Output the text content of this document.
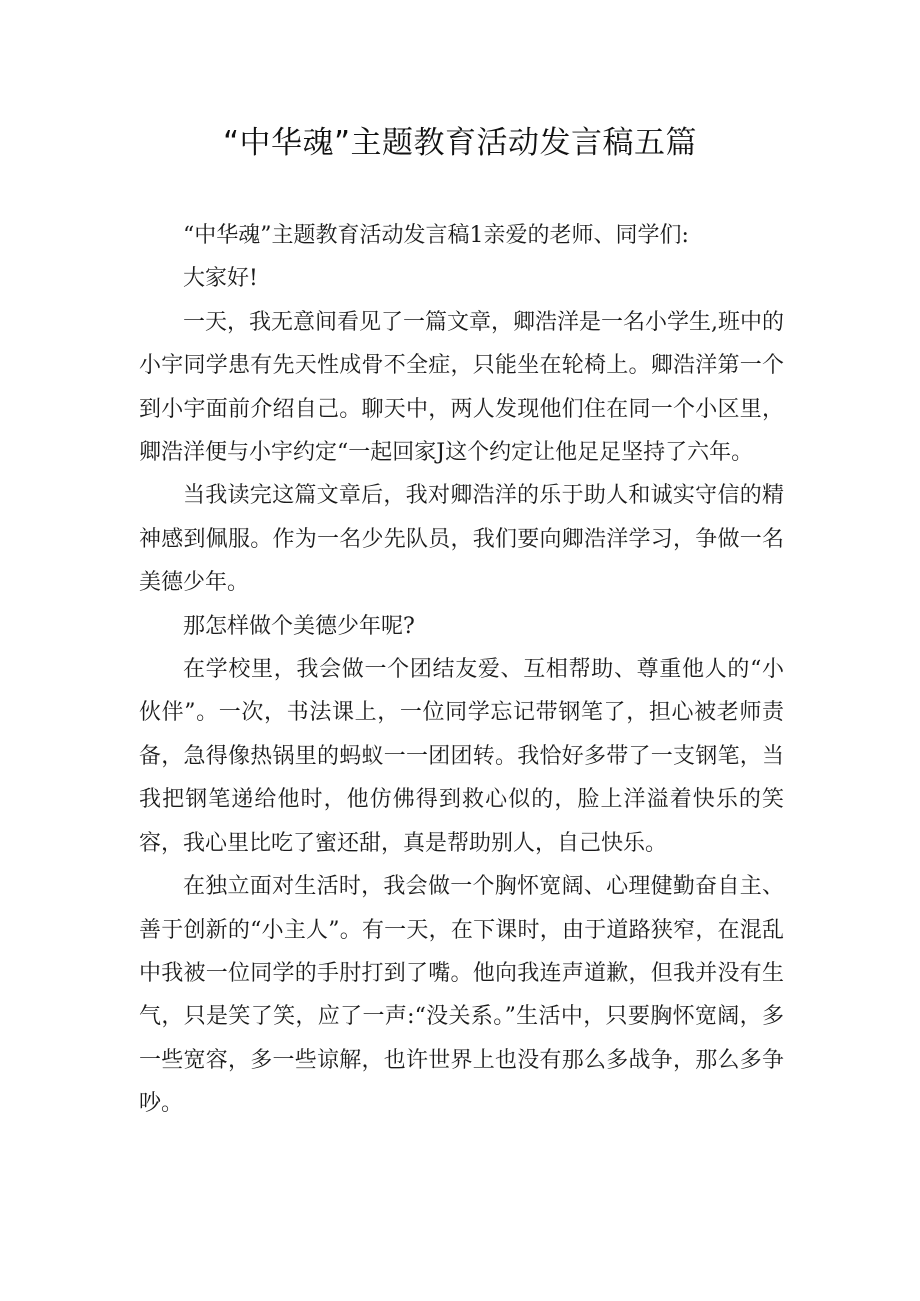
“中华魂”主题教育活动发言稿五篇

“中华魂”主题教育活动发言稿1亲爱的老师、同学们:

大家好!

一天，我无意间看见了一篇文章，卿浩洋是一名小学生,班中的小宇同学患有先天性成骨不全症，只能坐在轮椅上。卿浩洋第一个到小宇面前介绍自己。聊天中，两人发现他们住在同一个小区里，卿浩洋便与小宇约定“一起回家J这个约定让他足足坚持了六年。

当我读完这篇文章后，我对卿浩洋的乐于助人和诚实守信的精神感到佩服。作为一名少先队员，我们要向卿浩洋学习，争做一名美德少年。

那怎样做个美德少年呢?

在学校里，我会做一个团结友爱、互相帮助、尊重他人的“小伙伴”。一次，书法课上，一位同学忘记带钢笔了，担心被老师责备，急得像热锅里的蚂蚁一一团团转。我恰好多带了一支钢笔，当我把钢笔递给他时，他仿佛得到救心似的，脸上洋溢着快乐的笑容，我心里比吃了蜜还甜，真是帮助别人，自己快乐。

在独立面对生活时，我会做一个胸怀宽阔、心理健勤奋自主、善于创新的“小主人”。有一天，在下课时，由于道路狭窄，在混乱中我被一位同学的手肘打到了嘴。他向我连声道歉，但我并没有生气，只是笑了笑，应了一声:“没关系。”生活中，只要胸怀宽阔，多一些宽容，多一些谅解，也许世界上也没有那么多战争，那么多争吵。
